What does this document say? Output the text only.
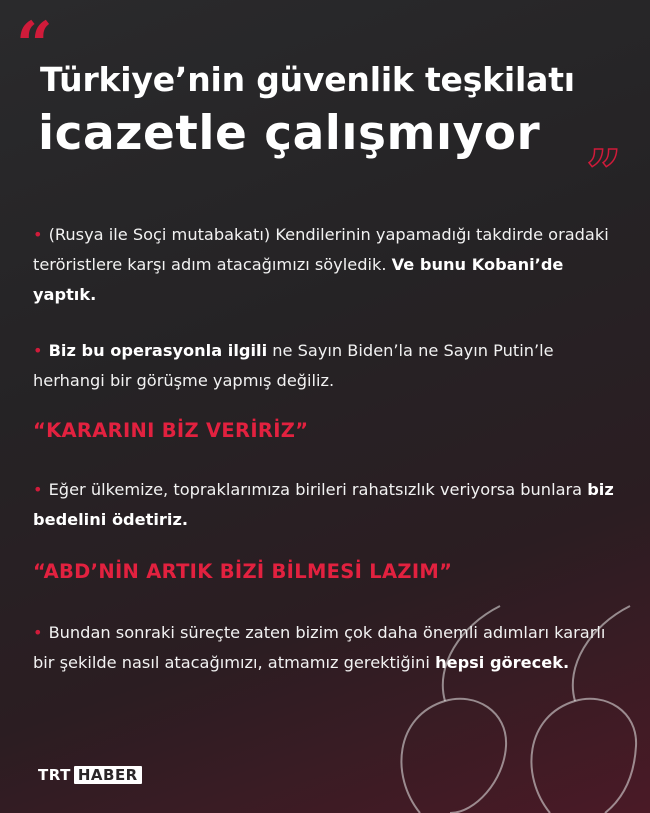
“
Türkiye’nin güvenlik teşkilatı
icazetle çalışmıyor
”
• (Rusya ile Soçi mutabakatı) Kendilerinin yapamadığı takdirde oradaki teröristlere karşı adım atacağımızı söyledik. Ve bunu Kobani’de yaptık.
• Biz bu operasyonla ilgili ne Sayın Biden’la ne Sayın Putin’le herhangi bir görüşme yapmış değiliz.
“KARARINI BİZ VERİRİZ”
• Eğer ülkemize, topraklarımıza birileri rahatsızlık veriyorsa bunlara biz bedelini ödetiriz.
“ABD’NİN ARTIK BİZİ BİLMESİ LAZIM”
• Bundan sonraki süreçte zaten bizim çok daha önemli adımları kararlı bir şekilde nasıl atacağımızı, atmamız gerektiğini hepsi görecek.
TRT HABER
